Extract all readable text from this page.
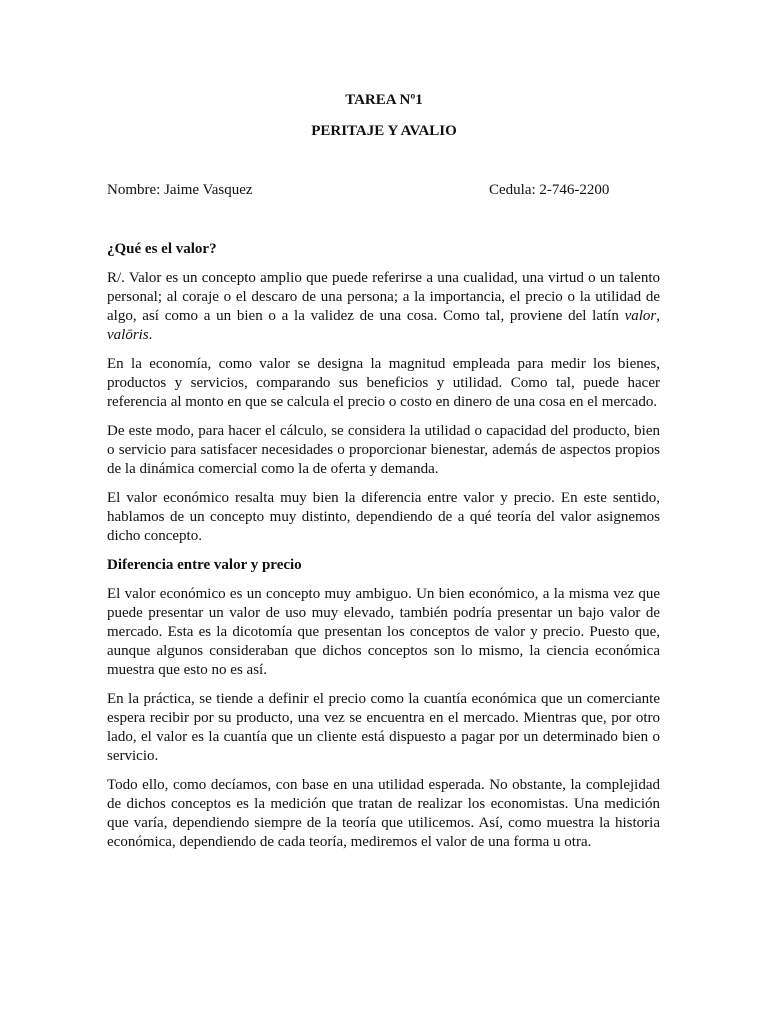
TAREA Nº1
PERITAJE Y AVALIO
Nombre: Jaime Vasquez	Cedula: 2-746-2200
¿Qué es el valor?

R/. Valor es un concepto amplio que puede referirse a una cualidad, una virtud o un talento personal; al coraje o el descaro de una persona; a la importancia, el precio o la utilidad de algo, así como a un bien o a la validez de una cosa. Como tal, proviene del latín valor, valōris.

En la economía, como valor se designa la magnitud empleada para medir los bienes, productos y servicios, comparando sus beneficios y utilidad. Como tal, puede hacer referencia al monto en que se calcula el precio o costo en dinero de una cosa en el mercado.

De este modo, para hacer el cálculo, se considera la utilidad o capacidad del producto, bien o servicio para satisfacer necesidades o proporcionar bienestar, además de aspectos propios de la dinámica comercial como la de oferta y demanda.

El valor económico resalta muy bien la diferencia entre valor y precio. En este sentido, hablamos de un concepto muy distinto, dependiendo de a qué teoría del valor asignemos dicho concepto.

Diferencia entre valor y precio

El valor económico es un concepto muy ambiguo. Un bien económico, a la misma vez que puede presentar un valor de uso muy elevado, también podría presentar un bajo valor de mercado. Esta es la dicotomía que presentan los conceptos de valor y precio. Puesto que, aunque algunos consideraban que dichos conceptos son lo mismo, la ciencia económica muestra que esto no es así.

En la práctica, se tiende a definir el precio como la cuantía económica que un comerciante espera recibir por su producto, una vez se encuentra en el mercado. Mientras que, por otro lado, el valor es la cuantía que un cliente está dispuesto a pagar por un determinado bien o servicio.

Todo ello, como decíamos, con base en una utilidad esperada. No obstante, la complejidad de dichos conceptos es la medición que tratan de realizar los economistas. Una medición que varía, dependiendo siempre de la teoría que utilicemos. Así, como muestra la historia económica, dependiendo de cada teoría, mediremos el valor de una forma u otra.
